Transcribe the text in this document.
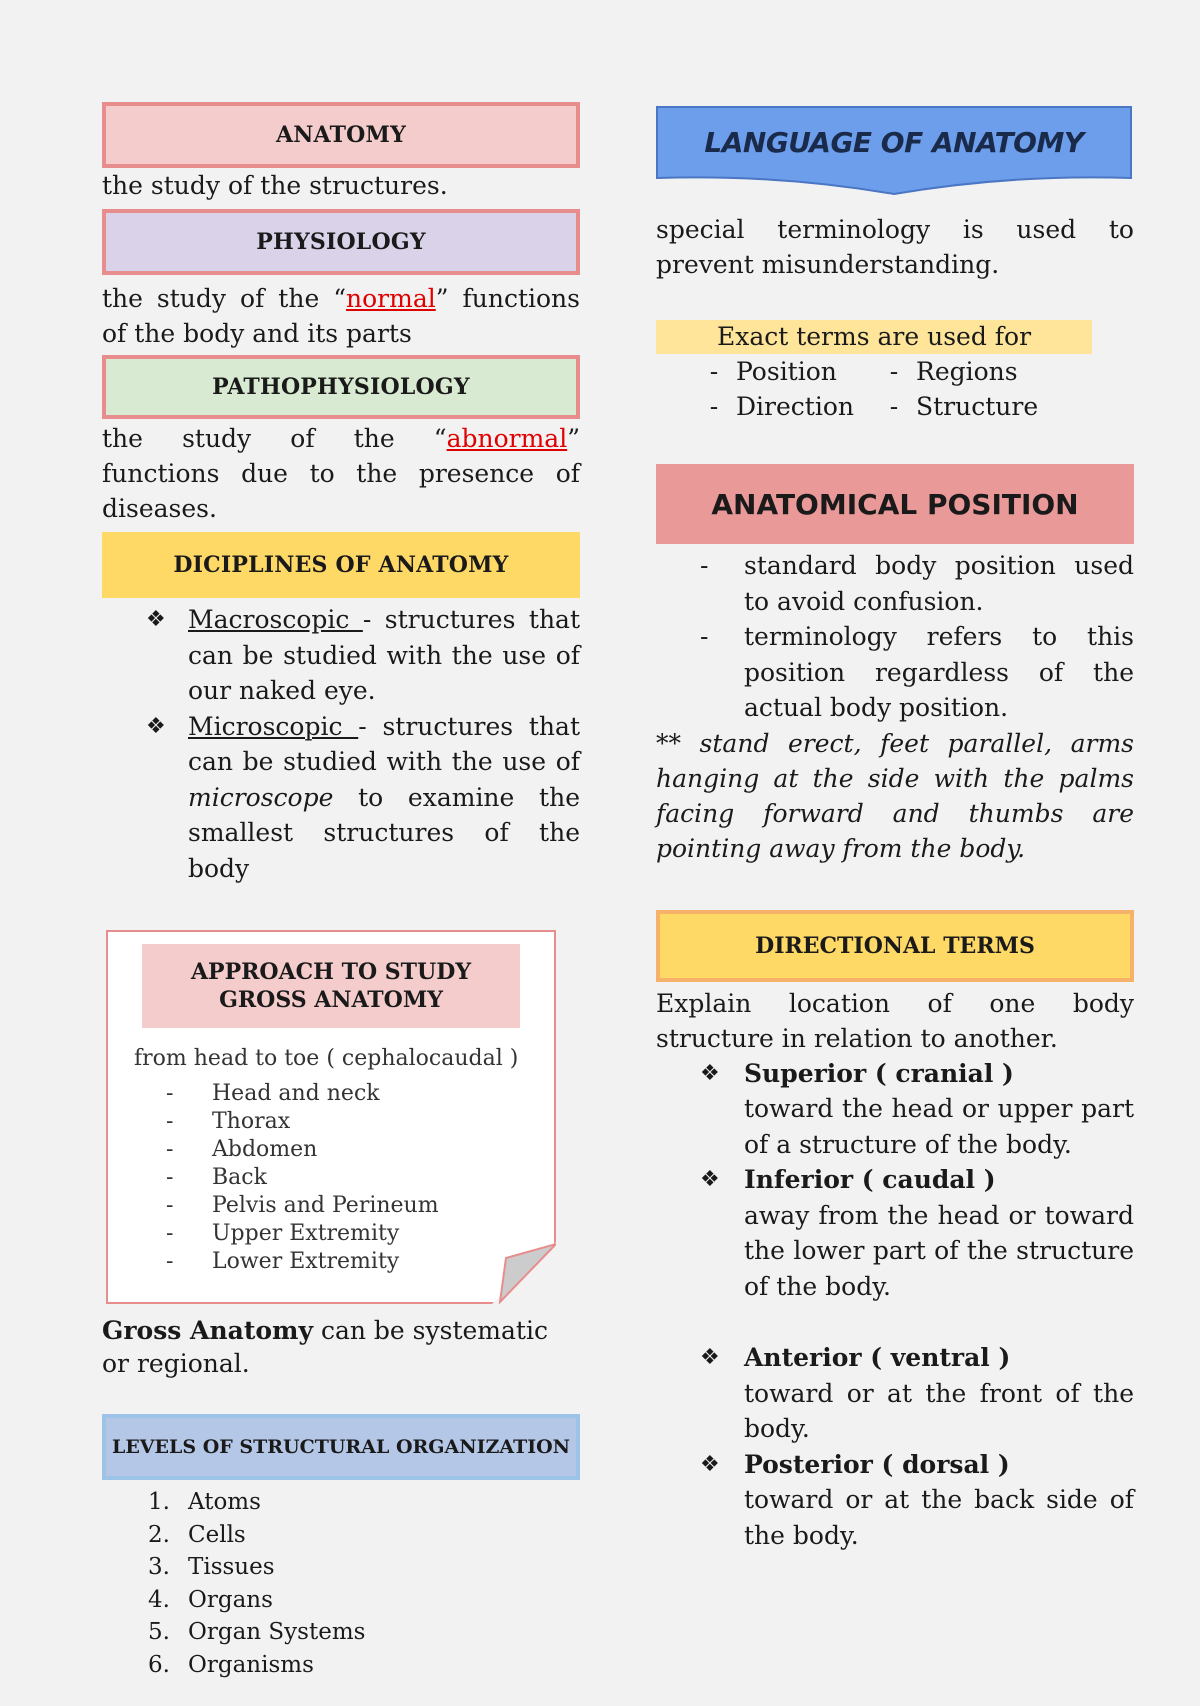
ANATOMY

the study of the structures.

PHYSIOLOGY

the study of the “normal” functions of the body and its parts

PATHOPHYSIOLOGY

the study of the “abnormal” functions due to the presence of diseases.

DICIPLINES OF ANATOMY
❖ Macroscopic - structures that can be studied with the use of our naked eye.
❖ Microscopic - structures that can be studied with the use of microscope to examine the smallest structures of the body
APPROACH TO STUDY
GROSS ANATOMY
from head to toe ( cephalocaudal )
-	Head and neck
-	Thorax
-	Abdomen
-	Back
-	Pelvis and Perineum
-	Upper Extremity
-	Lower Extremity

Gross Anatomy can be systematic or regional.

LEVELS OF STRUCTURAL ORGANIZATION
1. Atoms
2. Cells
3. Tissues
4. Organs
5. Organ Systems
6. Organisms
LANGUAGE OF ANATOMY

special terminology is used to prevent misunderstanding.

Exact terms are used for
- Position	- Regions
- Direction	- Structure
ANATOMICAL POSITION
- standard body position used to avoid confusion.
- terminology refers to this position regardless of the actual body position.

** stand erect, feet parallel, arms hanging at the side with the palms facing forward and thumbs are pointing away from the body.

DIRECTIONAL TERMS

Explain location of one body structure in relation to another.

❖ Superior ( cranial )
toward the head or upper part of a structure of the body.
❖ Inferior ( caudal )
away from the head or toward the lower part of the structure of the body.
❖ Anterior ( ventral )
toward or at the front of the body.
❖ Posterior ( dorsal )
toward or at the back side of the body.
